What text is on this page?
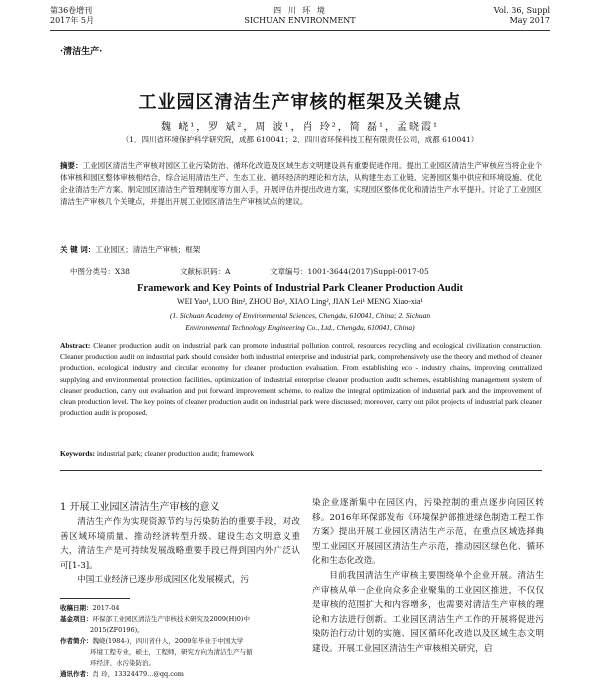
第36卷增刊
2017年 5月
四 川 环 境
SICHUAN ENVIRONMENT
Vol. 36, Suppl
May 2017
·清洁生产·
工业园区清洁生产审核的框架及关键点
魏 峣¹，罗 斌²，周 波¹，肖 玲²，简 磊¹，孟晓霞¹
（1．四川省环境保护科学研究院，成都 610041；2．四川省环保科技工程有限责任公司，成都 610041）
摘要：工业园区清洁生产审核对园区工业污染防治、循环化改造及区域生态文明建设具有重要促进作用。提出工业园区清洁生产审核应当将企业个体审核和园区整体审核相结合，综合运用清洁生产、生态工业、循环经济的理论和方法，从构建生态工业链、完善园区集中供应和环境设施、优化企业清洁生产方案、制定园区清洁生产管理制度等方面入手，开展评估并提出改进方案，实现园区整体优化和清洁生产水平提升。讨论了工业园区清洁生产审核几个关键点，并提出开展工业园区清洁生产审核试点的建议。
关 键 词：工业园区；清洁生产审核；框架
中图分类号：X38	文献标识码：A	文章编号：1001-3644(2017)Suppl-0017-05
Framework and Key Points of Industrial Park Cleaner Production Audit
WEI Yao¹, LUO Bin², ZHOU Bo¹, XIAO Ling², JIAN Lei¹ MENG Xiao-xia¹
(1. Sichuan Academy of Environmental Sciences, Chengdu, 610041, China; 2. Sichuan
Environmental Technology Engineering Co., Ltd., Chengdu, 610041, China)
Abstract: Cleaner production audit on industrial park can promote industrial pollution control, resources recycling and ecological civilization construction. Cleaner production audit on industrial park should consider both industrial enterprise and industrial park, comprehensively use the theory and method of cleaner production, ecological industry and circular economy for cleaner production evaluation. From establishing eco - industry chains, improving centralized supplying and environmental protection facilities, optimization of industrial enterprise cleaner production audit schemes, establishing management system of cleaner production, carry out evaluation and put forward improvement scheme, to realize the integral optimization of industrial park and the improvement of clean production level. The key points of cleaner production audit on industrial park were discussed; moreover, carry out pilot projects of industrial park cleaner production audit is proposed.
Keywords: industrial park; cleaner production audit; framework
1 开展工业园区清洁生产审核的意义

清洁生产作为实现资源节约与污染防治的重要手段，对改善区域环境质量、推动经济转型升级、建设生态文明意义重大，清洁生产是可持续发展战略重要手段已得到国内外广泛认可[1-3]。

中国工业经济已逐步形成园区化发展模式，污

收稿日期：2017-04
基金项目：环保部工业园区清洁生产审核技术研究及2009(H)0)中
2015(ZF0196)。
作者简介：魏峣(1984-)，四川省什人，2009年毕业于中国大学
环境工程专业，硕士，工程师，研究方向为清洁生产与循
环经济、水污染防治。
通讯作者：肖 玲，13324479...@qq.com

染企业逐渐集中在园区内，污染控制的重点逐步向园区转移。2016年环保部发布《环境保护部推进绿色制造工程工作方案》提出开展工业园区清洁生产示范，在重点区域选择典型工业园区开展园区清洁生产示范，推动园区绿色化、循环化和生态化改造。

目前我国清洁生产审核主要围绕单个企业开展。清洁生产审核从单一企业向众多企业聚集的工业园区推进，不仅仅是审核的范围扩大和内容增多，也需要对清洁生产审核的理论和方法进行创新。工业园区清洁生产工作的开展将促进污染防治行动计划的实施、园区循环化改造以及区域生态文明建设。开展工业园区清洁生产审核相关研究，启
